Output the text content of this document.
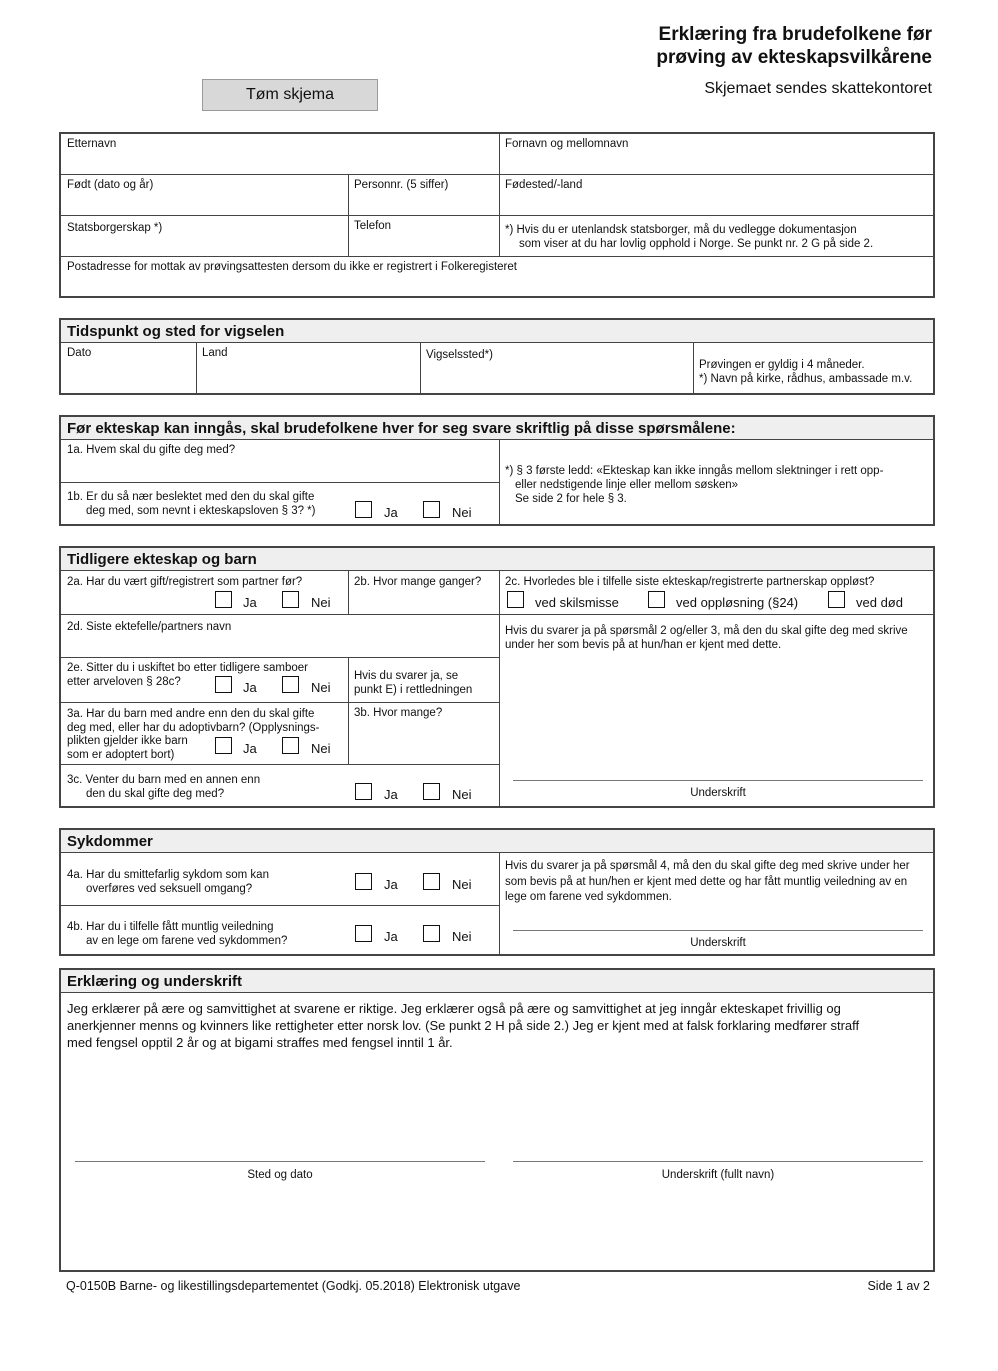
Erklæring fra brudefolkene før
prøving av ekteskapsvilkårene
Skjemaet sendes skattekontoret
Tøm skjema
Etternavn	Fornavn og mellomnavn
Født (dato og år)	Personnr. (5 siffer)	Fødested/-land
Statsborgerskap *)	Telefon	*) Hvis du er utenlandsk statsborger, må du vedlegge dokumentasjon
som viser at du har lovlig opphold i Norge. Se punkt nr. 2 G på side 2.
Postadresse for mottak av prøvingsattesten dersom du ikke er registrert i Folkeregisteret
Tidspunkt og sted for vigselen
Dato	Land	Vigselssted*)
Prøvingen er gyldig i 4 måneder.
*) Navn på kirke, rådhus, ambassade m.v.
Før ekteskap kan inngås, skal brudefolkene hver for seg svare skriftlig på disse spørsmålene:
1a. Hvem skal du gifte deg med?
1b. Er du så nær beslektet med den du skal gifte
deg med, som nevnt i ekteskapsloven § 3? *)	Ja	Nei
*) § 3 første ledd: «Ekteskap kan ikke inngås mellom slektninger i rett opp-
eller nedstigende linje eller mellom søsken»
Se side 2 for hele § 3.
Tidligere ekteskap og barn
2a. Har du vært gift/registrert som partner før?
Ja	Nei
2b. Hvor mange ganger?	2c. Hvorledes ble i tilfelle siste ekteskap/registrerte partnerskap oppløst?
ved skilsmisse	ved oppløsning (§24)	ved død
2d. Siste ektefelle/partners navn	Hvis du svarer ja på spørsmål 2 og/eller 3, må den du skal gifte deg med skrive
under her som bevis på at hun/han er kjent med dette.
2e. Sitter du i uskiftet bo etter tidligere samboer
etter arveloven § 28c?	Ja	Nei
Hvis du svarer ja, se
punkt E) i rettledningen
3a. Har du barn med andre enn den du skal gifte
deg med, eller har du adoptivbarn? (Opplysnings-
plikten gjelder ikke barn
som er adoptert bort)	Ja	Nei
3b. Hvor mange?
3c. Venter du barn med en annen enn
den du skal gifte deg med?	Ja	Nei	Underskrift
Sykdommer
4a. Har du smittefarlig sykdom som kan
overføres ved seksuell omgang?	Ja	Nei
4b. Har du i tilfelle fått muntlig veiledning
av en lege om farene ved sykdommen?	Ja	Nei
Hvis du svarer ja på spørsmål 4, må den du skal gifte deg med skrive under her
som bevis på at hun/hen er kjent med dette og har fått muntlig veiledning av en
lege om farene ved sykdommen.
Underskrift
Erklæring og underskrift
Jeg erklærer på ære og samvittighet at svarene er riktige. Jeg erklærer også på ære og samvittighet at jeg inngår ekteskapet frivillig og
anerkjenner menns og kvinners like rettigheter etter norsk lov. (Se punkt 2 H på side 2.) Jeg er kjent med at falsk forklaring medfører straff
med fengsel opptil 2 år og at bigami straffes med fengsel inntil 1 år.
Sted og dato	Underskrift (fullt navn)
Q-0150B Barne- og likestillingsdepartementet (Godkj. 05.2018) Elektronisk utgave	Side 1 av 2
